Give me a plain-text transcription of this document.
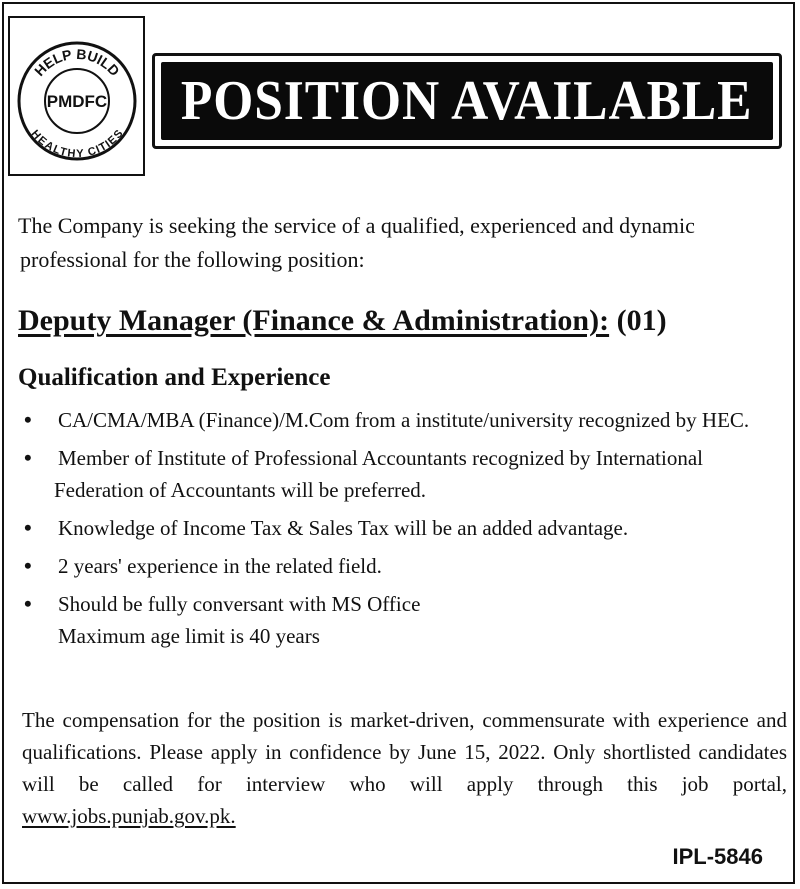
HELP BUILD
HEALTHY CITIES
PMDFC POSITION AVAILABLE
The Company is seeking the service of a qualified, experienced and dynamic
professional for the following position:
Deputy Manager (Finance & Administration): (01)
Qualification and Experience
• CA/CMA/MBA (Finance)/M.Com from a institute/university recognized by HEC.
• Member of Institute of Professional Accountants recognized by International
Federation of Accountants will be preferred.
• Knowledge of Income Tax & Sales Tax will be an added advantage.
• 2 years' experience in the related field.
• Should be fully conversant with MS Office
Maximum age limit is 40 years
The compensation for the position is market-driven, commensurate with experience and
qualifications. Please apply in confidence by June 15, 2022. Only shortlisted candidates
will be called for interview who will apply through this job portal,
www.jobs.punjab.gov.pk.
IPL-5846
